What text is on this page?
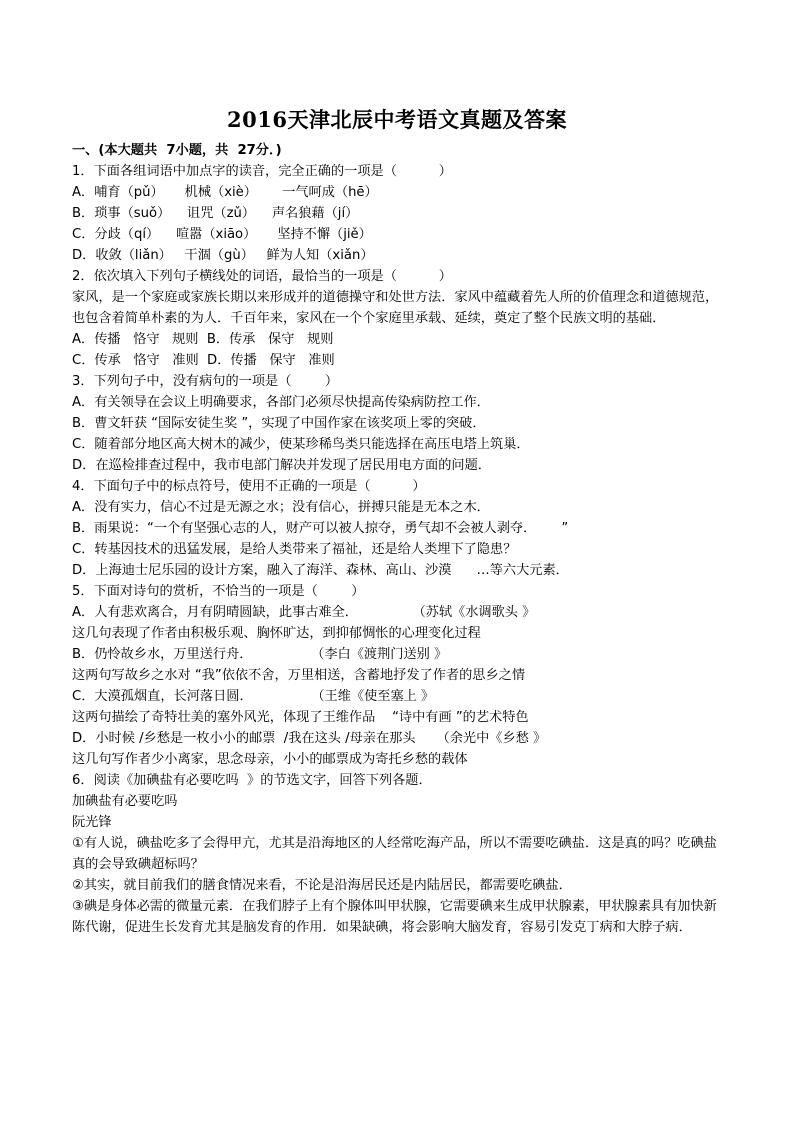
2016天津北辰中考语文真题及答案
一、(本大题共  7小题，共  27分．)
1．下面各组词语中加点字的读音，完全正确的一项是（          ）
A．哺育（pǔ）     机械（xiè）      一气呵成（hē）
B．琐事（suǒ）    诅咒（zǔ）    声名狼藉（jí）
C．分歧（qí）    喧嚣（xiāo）     坚持不懈（jiě）
D．收敛（liǎn）   干涸（gù）   鲜为人知（xiǎn）
2．依次填入下列句子横线处的词语，最恰当的一项是（          ）
家风，是一个家庭或家族长期以来形成并的道德操守和处世方法．家风中蕴藏着先人所的价值理念和道德规范，也包含着简单朴素的为人．千百年来，家风在一个个家庭里承载、延续，奠定了整个民族文明的基础．
A．传播   恪守   规则  B．传承   保守   规则
C．传承   恪守   准则  D．传播   保守   准则
3．下列句子中，没有病句的一项是（        ）
A．有关领导在会议上明确要求，各部门必须尽快提高传染病防控工作．
B．曹文轩获 “国际安徒生奖 ”，实现了中国作家在该奖项上零的突破．
C．随着部分地区高大树木的减少，使某珍稀鸟类只能选择在高压电塔上筑巢．
D．在巡检排查过程中，我市电部门解决并发现了居民用电方面的问题．
4．下面句子中的标点符号，使用不正确的一项是（          ）
A．没有实力，信心不过是无源之水；没有信心，拼搏只能是无本之木．
B．雨果说：“一个有坚强心志的人，财产可以被人掠夺，勇气却不会被人剥夺．      ”
C．转基因技术的迅猛发展，是给人类带来了福祉，还是给人类埋下了隐患？
D．上海迪士尼乐园的设计方案，融入了海洋、森林、高山、沙漠      …等六大元素．
5．下面对诗句的赏析，不恰当的一项是（        ）
A．人有悲欢离合，月有阴晴圆缺，此事古难全．             （苏轼《水调歌头 》
这几句表现了作者由积极乐观、胸怀旷达，到抑郁惆怅的心理变化过程
B．仍怜故乡水，万里送行舟．              （李白《渡荆门送别 》
这两句写故乡之水对 “我”依依不舍，万里相送，含蓄地抒发了作者的思乡之情
C．大漠孤烟直，长河落日圆．              （王维《使至塞上 》
这两句描绘了奇特壮美的塞外风光，体现了王维作品    “诗中有画 ”的艺术特色
D．小时候 /乡愁是一枚小小的邮票  /我在这头 /母亲在那头     （余光中《乡愁 》
这几句写作者少小离家，思念母亲，小小的邮票成为寄托乡愁的载体
6．阅读《加碘盐有必要吃吗  》的节选文字，回答下列各题．
加碘盐有必要吃吗
阮光锋
①有人说，碘盐吃多了会得甲亢，尤其是沿海地区的人经常吃海产品，所以不需要吃碘盐．这是真的吗？吃碘盐真的会导致碘超标吗？
②其实，就目前我们的膳食情况来看，不论是沿海居民还是内陆居民，都需要吃碘盐．
③碘是身体必需的微量元素．在我们脖子上有个腺体叫甲状腺，它需要碘来生成甲状腺素，甲状腺素具有加快新陈代谢，促进生长发育尤其是脑发育的作用．如果缺碘，将会影响大脑发育，容易引发克丁病和大脖子病．
